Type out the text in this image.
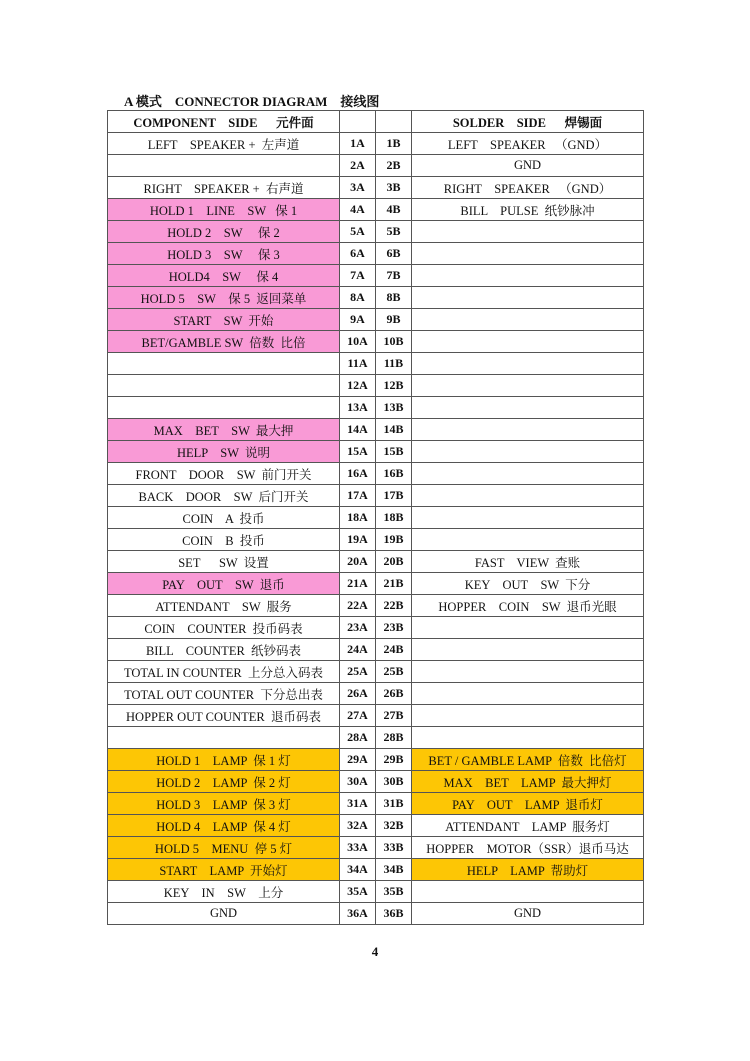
A 模式    CONNECTOR DIAGRAM    接线图
COMPONENT    SIDE      元件面			SOLDER    SIDE      焊锡面
LEFT    SPEAKER +  左声道	1A	1B	LEFT    SPEAKER   （GND）
	2A	2B	GND
RIGHT    SPEAKER +  右声道	3A	3B	RIGHT    SPEAKER   （GND）
HOLD 1    LINE    SW   保 1	4A	4B	BILL    PULSE  纸钞脉冲
HOLD 2    SW     保 2	5A	5B	
HOLD 3    SW     保 3	6A	6B	
HOLD4    SW     保 4	7A	7B	
HOLD 5    SW    保 5  返回菜单	8A	8B	
START    SW  开始	9A	9B	
BET/GAMBLE SW  倍数  比倍	10A	10B	
	11A	11B	
	12A	12B	
	13A	13B	
MAX    BET    SW  最大押	14A	14B	
HELP    SW  说明	15A	15B	
FRONT    DOOR    SW  前门开关	16A	16B	
BACK    DOOR    SW  后门开关	17A	17B	
COIN    A  投币	18A	18B	
COIN    B  投币	19A	19B	
SET      SW  设置	20A	20B	FAST    VIEW  查账
PAY    OUT    SW  退币	21A	21B	KEY    OUT    SW  下分
ATTENDANT    SW  服务	22A	22B	HOPPER    COIN    SW  退币光眼
COIN    COUNTER  投币码表	23A	23B	
BILL    COUNTER  纸钞码表	24A	24B	
TOTAL IN COUNTER  上分总入码表	25A	25B	
TOTAL OUT COUNTER  下分总出表	26A	26B	
HOPPER OUT COUNTER  退币码表	27A	27B	
	28A	28B	
HOLD 1    LAMP  保 1 灯	29A	29B	BET / GAMBLE LAMP  倍数  比倍灯
HOLD 2    LAMP  保 2 灯	30A	30B	MAX    BET    LAMP  最大押灯
HOLD 3    LAMP  保 3 灯	31A	31B	PAY    OUT    LAMP  退币灯
HOLD 4    LAMP  保 4 灯	32A	32B	ATTENDANT    LAMP  服务灯
HOLD 5    MENU  停 5 灯	33A	33B	HOPPER    MOTOR（SSR）退币马达
START    LAMP  开始灯	34A	34B	HELP    LAMP  帮助灯
KEY    IN    SW    上分	35A	35B	
GND	36A	36B	GND
4
